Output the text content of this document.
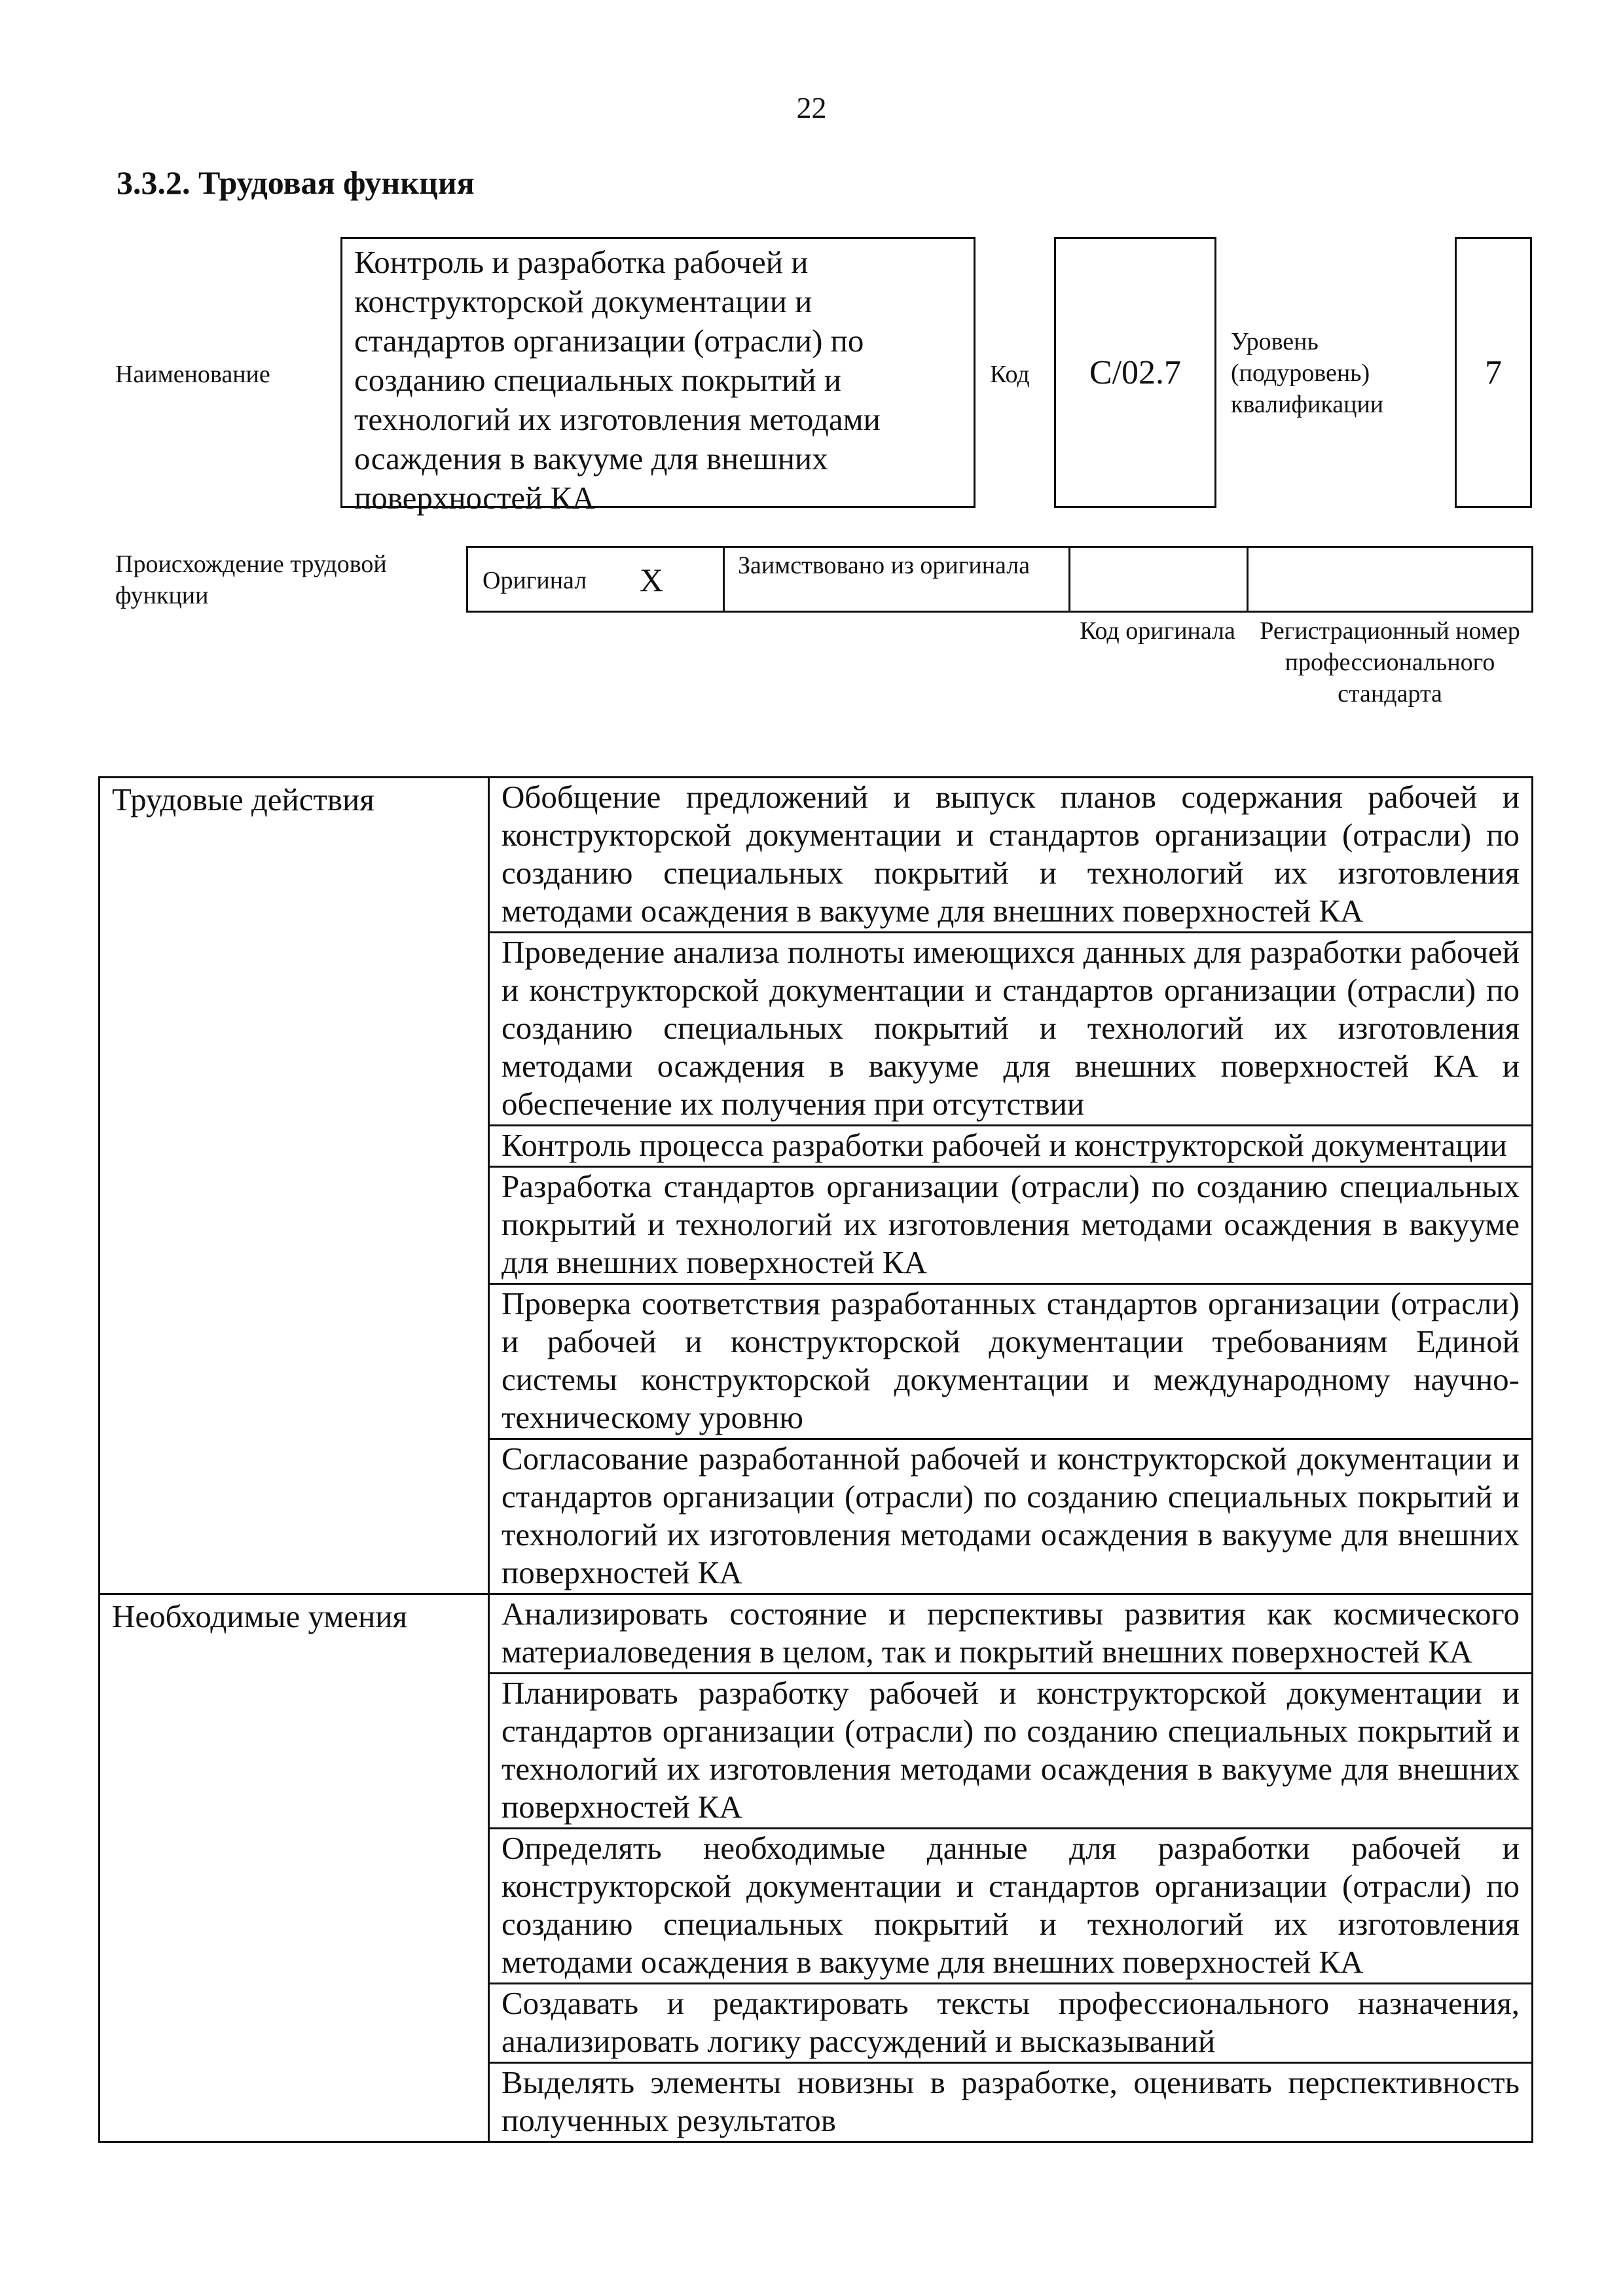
22
3.3.2. Трудовая функция
Наименование
Контроль и разработка рабочей и конструкторской документации и стандартов организации (отрасли) по созданию специальных покрытий и технологий их изготовления методами осаждения в вакууме для внешних поверхностей КА
Код C/02.7
Уровень (подуровень) квалификации
7
Происхождение трудовой функции
Оригинал X	Заимствовано из оригинала
Код оригинала Регистрационный номер профессионального стандарта
Трудовые действия	Обобщение предложений и выпуск планов содержания рабочей и конструкторской документации и стандартов организации (отрасли) по созданию специальных покрытий и технологий их изготовления методами осаждения в вакууме для внешних поверхностей КА
	Проведение анализа полноты имеющихся данных для разработки рабочей и конструкторской документации и стандартов организации (отрасли) по созданию специальных покрытий и технологий их изготовления методами осаждения в вакууме для внешних поверхностей КА и обеспечение их получения при отсутствии
	Контроль процесса разработки рабочей и конструкторской документации
	Разработка стандартов организации (отрасли) по созданию специальных покрытий и технологий их изготовления методами осаждения в вакууме для внешних поверхностей КА
	Проверка соответствия разработанных стандартов организации (отрасли) и рабочей и конструкторской документации требованиям Единой системы конструкторской документации и международному научно-техническому уровню
	Согласование разработанной рабочей и конструкторской документации и стандартов организации (отрасли) по созданию специальных покрытий и технологий их изготовления методами осаждения в вакууме для внешних поверхностей КА
Необходимые умения	Анализировать состояние и перспективы развития как космического материаловедения в целом, так и покрытий внешних поверхностей КА
	Планировать разработку рабочей и конструкторской документации и стандартов организации (отрасли) по созданию специальных покрытий и технологий их изготовления методами осаждения в вакууме для внешних поверхностей КА
	Определять необходимые данные для разработки рабочей и конструкторской документации и стандартов организации (отрасли) по созданию специальных покрытий и технологий их изготовления методами осаждения в вакууме для внешних поверхностей КА
	Создавать и редактировать тексты профессионального назначения, анализировать логику рассуждений и высказываний
	Выделять элементы новизны в разработке, оценивать перспективность полученных результатов
